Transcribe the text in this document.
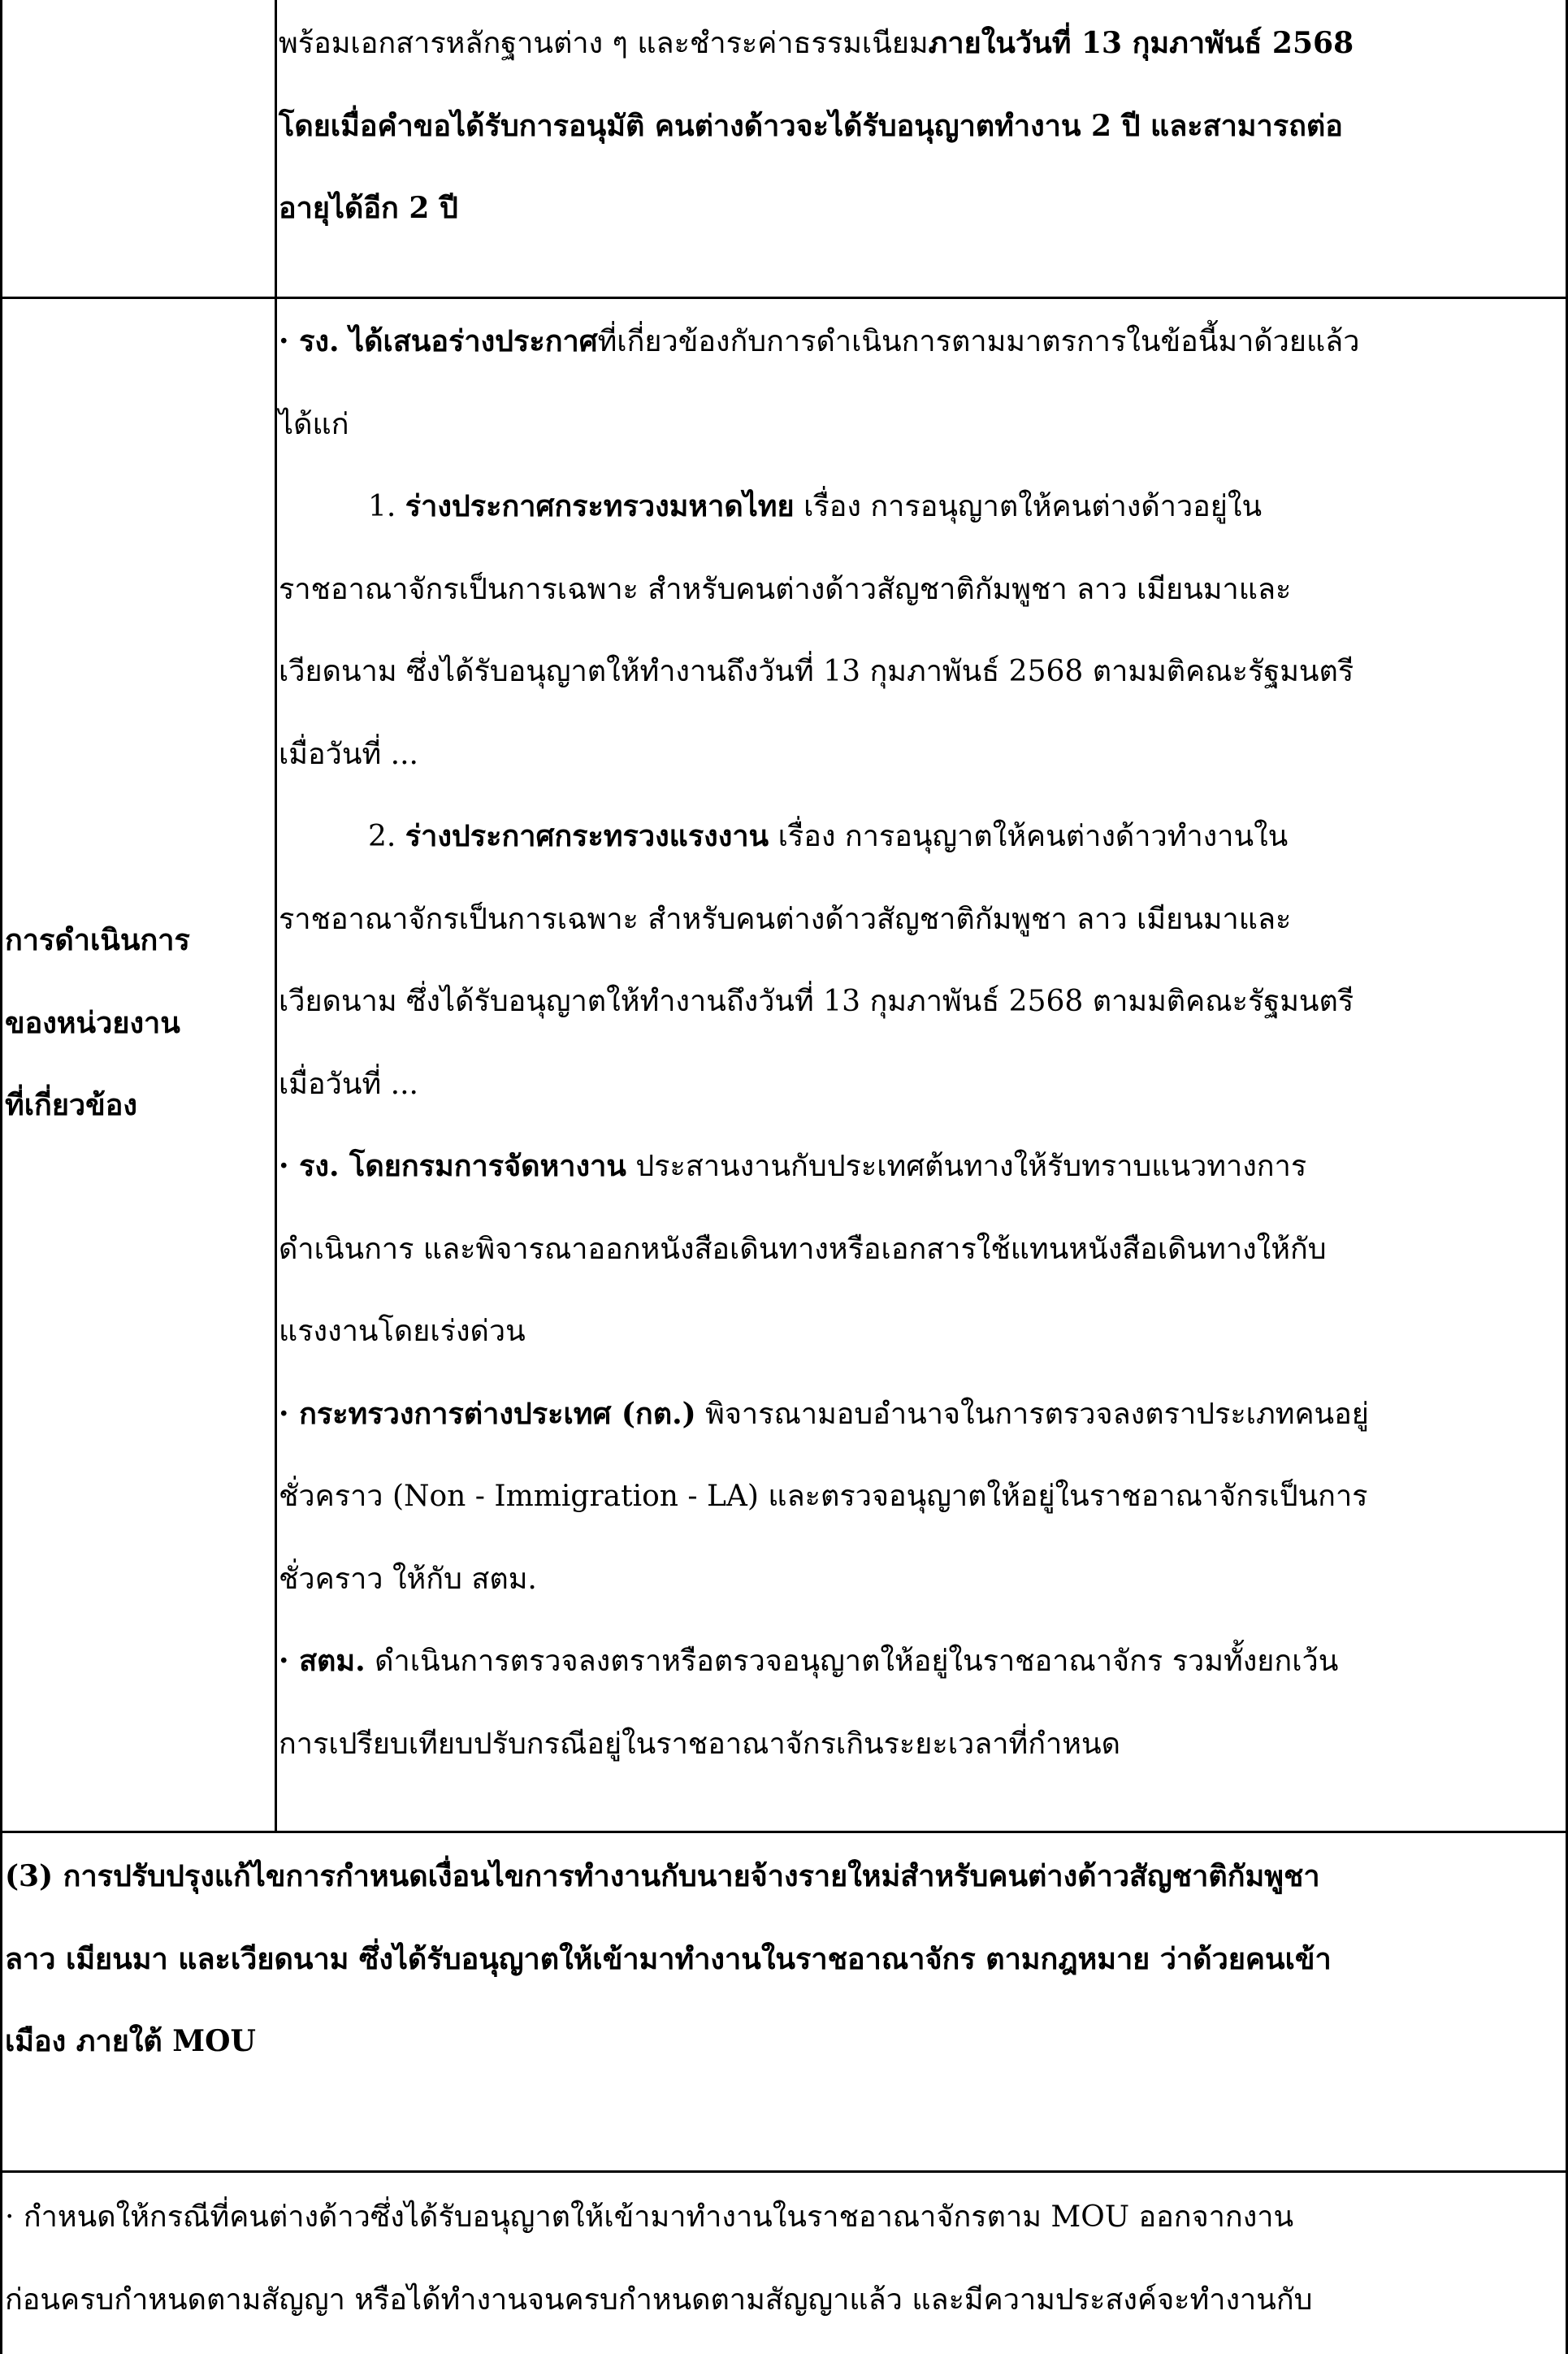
พร้อมเอกสารหลักฐานต่าง ๆ และชำระค่าธรรมเนียมภายในวันที่ 13 กุมภาพันธ์ 2568
โดยเมื่อคำขอได้รับการอนุมัติ คนต่างด้าวจะได้รับอนุญาตทำงาน 2 ปี และสามารถต่อ
อายุได้อีก 2 ปี
การดำเนินการ
ของหน่วยงาน
ที่เกี่ยวข้อง
· รง. ได้เสนอร่างประกาศที่เกี่ยวข้องกับการดำเนินการตามมาตรการในข้อนี้มาด้วยแล้ว
ได้แก่
1. ร่างประกาศกระทรวงมหาดไทย เรื่อง การอนุญาตให้คนต่างด้าวอยู่ใน
ราชอาณาจักรเป็นการเฉพาะ สำหรับคนต่างด้าวสัญชาติกัมพูชา ลาว เมียนมาและ
เวียดนาม ซึ่งได้รับอนุญาตให้ทำงานถึงวันที่ 13 กุมภาพันธ์ 2568 ตามมติคณะรัฐมนตรี
เมื่อวันที่ ...
2. ร่างประกาศกระทรวงแรงงาน เรื่อง การอนุญาตให้คนต่างด้าวทำงานใน
ราชอาณาจักรเป็นการเฉพาะ สำหรับคนต่างด้าวสัญชาติกัมพูชา ลาว เมียนมาและ
เวียดนาม ซึ่งได้รับอนุญาตให้ทำงานถึงวันที่ 13 กุมภาพันธ์ 2568 ตามมติคณะรัฐมนตรี
เมื่อวันที่ ...
· รง. โดยกรมการจัดหางาน ประสานงานกับประเทศต้นทางให้รับทราบแนวทางการ
ดำเนินการ และพิจารณาออกหนังสือเดินทางหรือเอกสารใช้แทนหนังสือเดินทางให้กับ
แรงงานโดยเร่งด่วน
· กระทรวงการต่างประเทศ (กต.) พิจารณามอบอำนาจในการตรวจลงตราประเภทคนอยู่
ชั่วคราว (Non - Immigration - LA) และตรวจอนุญาตให้อยู่ในราชอาณาจักรเป็นการ
ชั่วคราว ให้กับ สตม.
· สตม. ดำเนินการตรวจลงตราหรือตรวจอนุญาตให้อยู่ในราชอาณาจักร รวมทั้งยกเว้น
การเปรียบเทียบปรับกรณีอยู่ในราชอาณาจักรเกินระยะเวลาที่กำหนด
(3) การปรับปรุงแก้ไขการกำหนดเงื่อนไขการทำงานกับนายจ้างรายใหม่สำหรับคนต่างด้าวสัญชาติกัมพูชา
ลาว เมียนมา และเวียดนาม ซึ่งได้รับอนุญาตให้เข้ามาทำงานในราชอาณาจักร ตามกฎหมาย ว่าด้วยคนเข้า
เมือง ภายใต้ MOU
· กำหนดให้กรณีที่คนต่างด้าวซึ่งได้รับอนุญาตให้เข้ามาทำงานในราชอาณาจักรตาม MOU ออกจากงาน
ก่อนครบกำหนดตามสัญญา หรือได้ทำงานจนครบกำหนดตามสัญญาแล้ว และมีความประสงค์จะทำงานกับ
